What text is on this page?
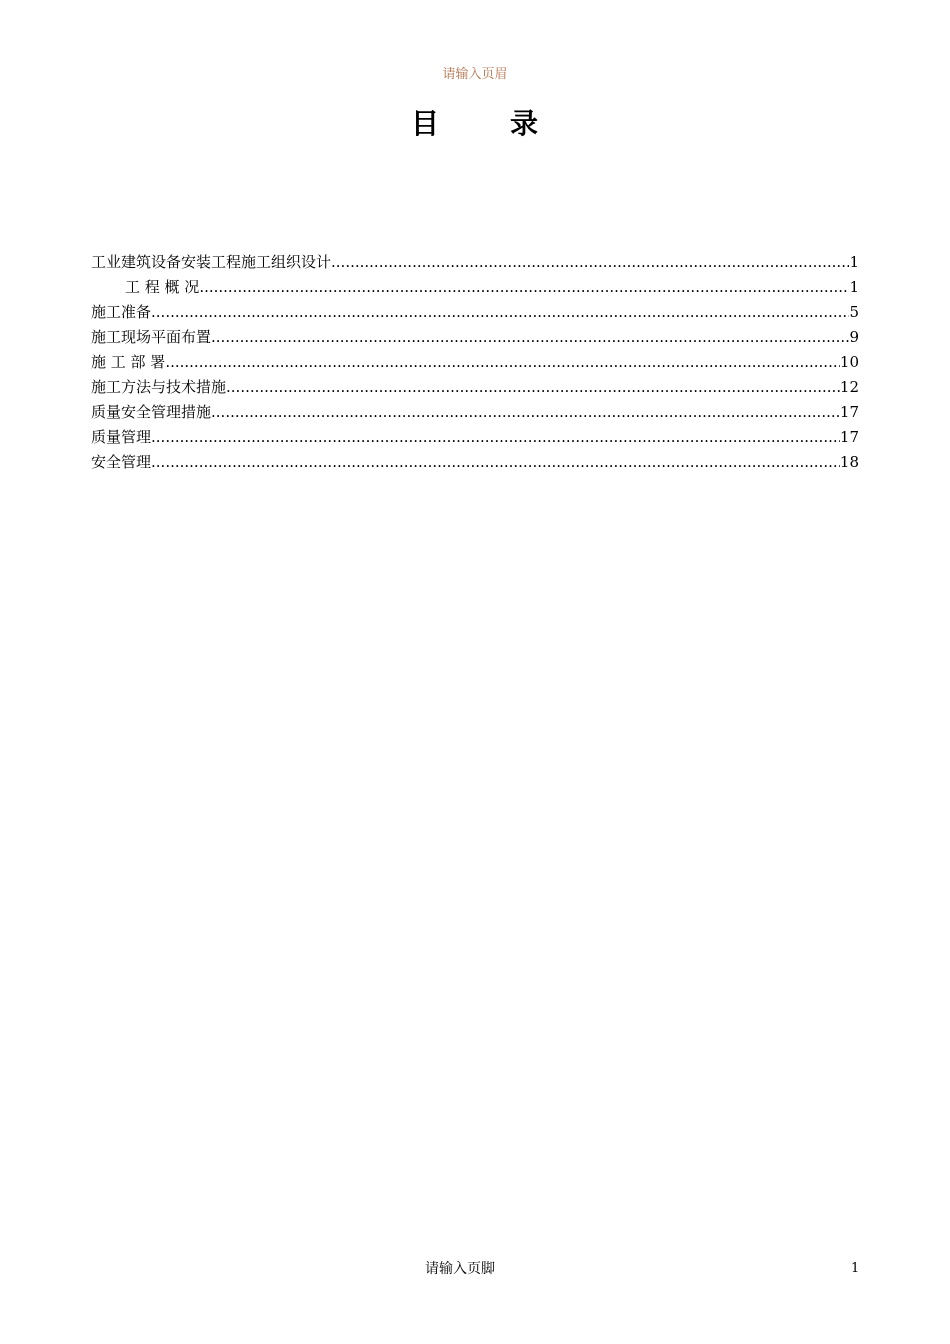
请输入页眉
目	录
工业建筑设备安装工程施工组织设计 .....	1
工 程 概 况 .....	1
施工准备 .....	5
施工现场平面布置 .....	9
施 工 部 署 .....	10
施工方法与技术措施 .....	12
质量安全管理措施 .....	17
质量管理 .....	17
安全管理 .....	18
请输入页脚	1
